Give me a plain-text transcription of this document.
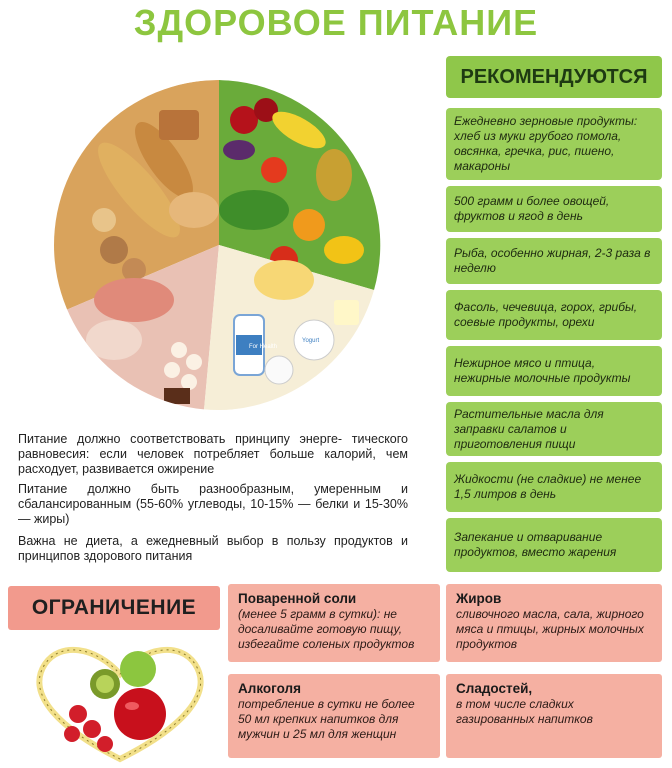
ЗДОРОВОЕ ПИТАНИЕ
For Health
Yogurt
РЕКОМЕНДУЮТСЯ
Ежедневно зерновые продукты: хлеб из муки грубого помола, овсянка, гречка, рис, пшено, макароны
500 грамм и более овощей, фруктов и ягод в день
Рыба, особенно жирная, 2-3 раза в неделю
Фасоль, чечевица, горох, грибы, соевые продукты, орехи
Нежирное мясо и птица, нежирные молочные продукты
Растительные масла для заправки салатов и приготовления пищи
Жидкости (не сладкие) не менее 1,5 литров в день
Запекание и отваривание продуктов, вместо жарения
Питание должно соответствовать принципу энерге- тического равновесия: если человек потребляет больше калорий, чем расходует, развивается ожирение
Питание должно быть разнообразным, умеренным и сбалансированным (55-60% углеводы, 10-15% — белки и 15-30% — жиры)
Важна не диета, а ежедневный выбор в пользу продуктов и принципов здорового питания
ОГРАНИЧЕНИЕ	Поваренной соли
(менее 5 грамм в сутки): не досаливайте готовую пищу, избегайте соленых продуктов
Жиров
сливочного масла, сала, жирного мяса и птицы, жирных молочных продуктов
Алкоголя
потребление в сутки не более 50 мл крепких напитков для мужчин и 25 мл для женщин
Сладостей,
в том числе сладких газированных напитков
